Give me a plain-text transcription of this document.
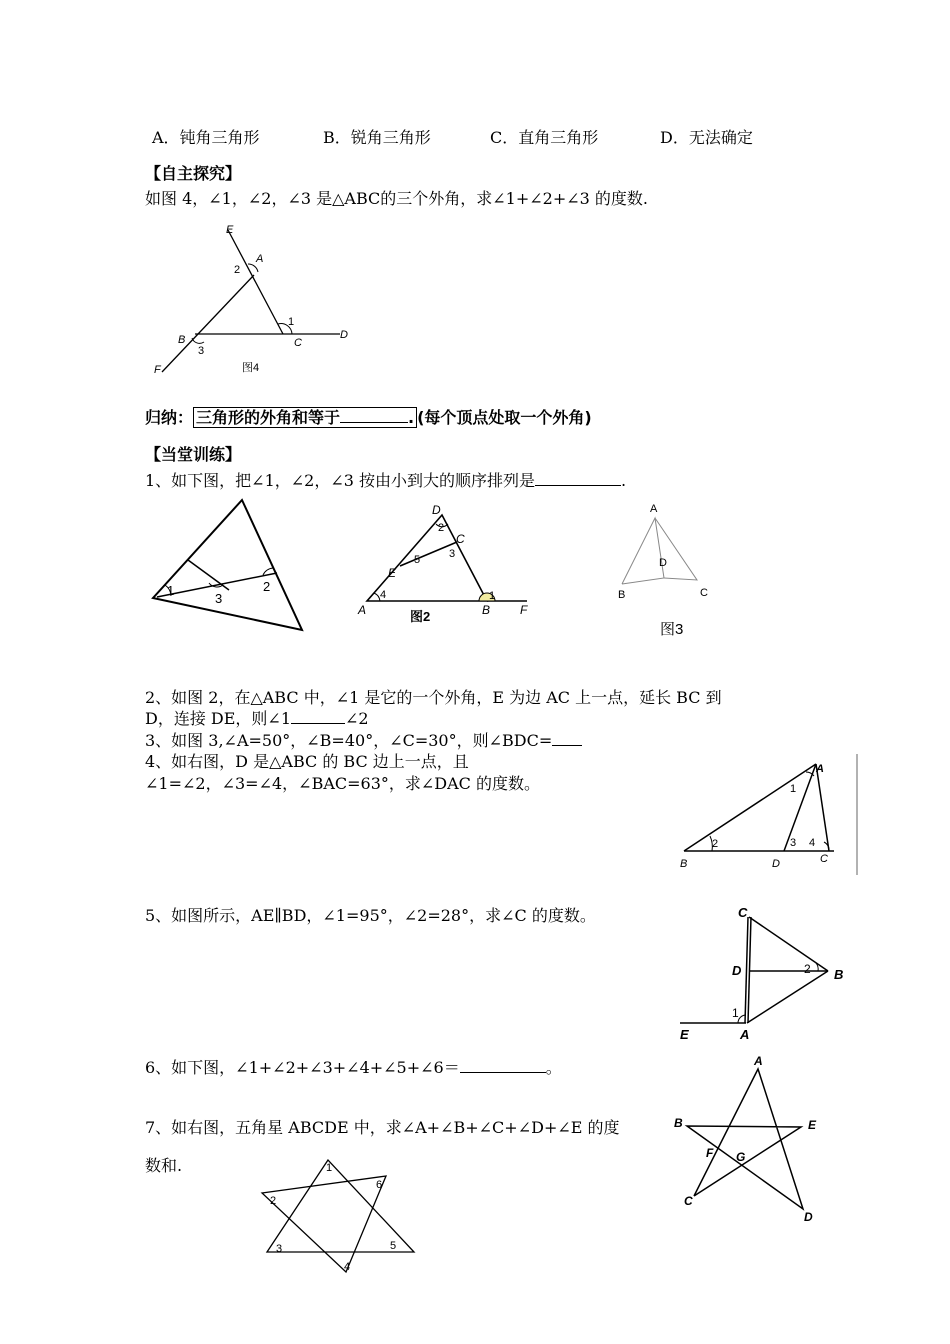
A．钝角三角形	B．锐角三角形	C．直角三角形	D．无法确定
【自主探究】
如图 4，∠1，∠2，∠3 是△ABC的三个外角，求∠1+∠2+∠3 的度数.
E
A
2
1
B	C
D
3
F	图4
归纳： 三角形的外角和等于	. (每个顶点处取一个外角)
【当堂训练】
1、如下图，把∠1，∠2，∠3 按由小到大的顺序排列是	.
1	2
3
D
C
E
A	B F
1
2
3
4
5
图2
A
D
B	C
图3
2、如图 2，在△ABC 中，∠1 是它的一个外角，E 为边 AC 上一点，延长 BC 到
D，连接 DE，则∠1	∠2
3、如图 3,∠A=50°，∠B=40°，∠C=30°，则∠BDC=
4、如右图，D 是△ABC 的 BC 边上一点，且
∠1=∠2，∠3=∠4，∠BAC=63°，求∠DAC 的度数。
A
B	D	C
1
2	3 4
5、如图所示，AE∥BD，∠1=95°，∠2=28°，求∠C 的度数。	C
D	B
A
E
1
2
6、如下图，∠1+∠2+∠3+∠4+∠5+∠6＝	。
7、如右图，五角星 ABCDE 中，求∠A+∠B+∠C+∠D+∠E 的度
数和.	1
2
3
4
5
6
A
B	E
F G
C
D
